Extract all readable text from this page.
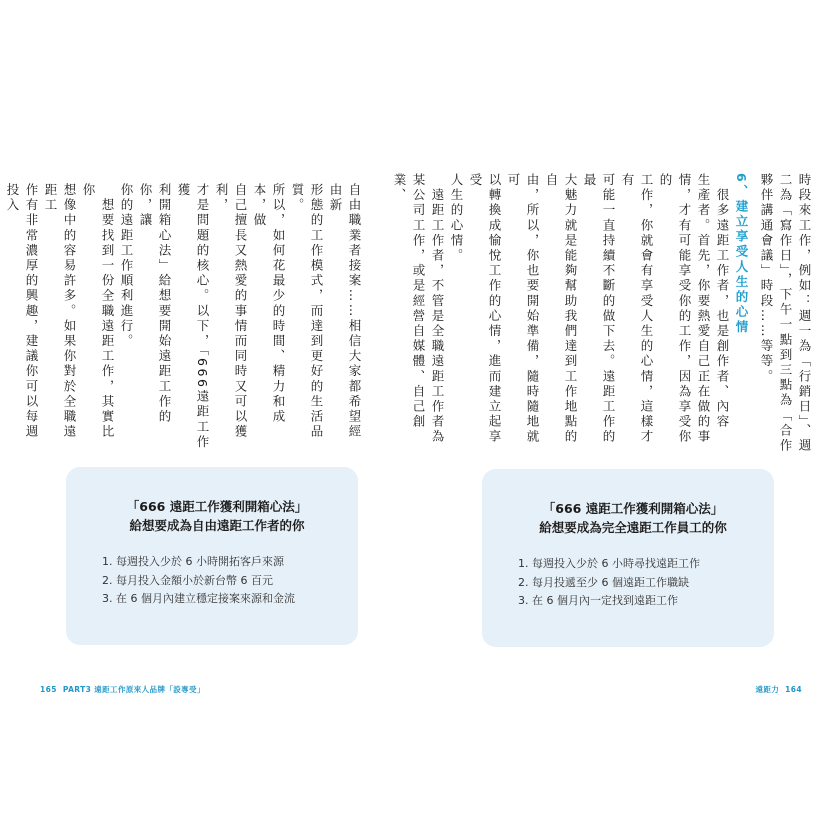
自由職業者接案……相信大家都希望經由新
形態的工作模式，而達到更好的生活品質。
所以，如何花最少的時間、精力和成本，做
自己擅長又熱愛的事情而同時又可以獲利，
才是問題的核心。以下，「666遠距工作獲
利開箱心法」給想要開始遠距工作的你，讓
你的遠距工作順利進行。
　想要找到一份全職遠距工作，其實比你
想像中的容易許多。如果你對於全職遠距工
作有非常濃厚的興趣，建議你可以每週投入
「666 遠距工作獲利開箱心法」
給想要成為自由遠距工作者的你
1. 每週投入少於 6 小時開拓客戶來源
2. 每月投入金額小於新台幣 6 百元
3. 在 6 個月內建立穩定接案來源和金流
165 PART3 遠距工作原來人品牌「設專受」
時段來工作，例如：週一為「行銷日」、週
二為「寫作日」，下午一點到三點為「合作
夥伴講通會議」時段……等等。
6、建立享受人生的心情
　很多遠距工作者，也是創作者、內容
生產者。首先，你要熱愛自己正在做的事
情，才有可能享受你的工作，因為享受你的
工作，你就會有享受人生的心情，這樣才有
可能一直持續不斷的做下去。遠距工作的最
大魅力就是能夠幫助我們達到工作地點的自
由，所以，你也要開始準備，隨時隨地就可
以轉換成愉悅工作的心情，進而建立起享受
人生的心情。
　遠距工作者，不管是全職遠距工作者為
某公司工作，或是經營自媒體、自己創業、
「666 遠距工作獲利開箱心法」
給想要成為完全遠距工作員工的你
1. 每週投入少於 6 小時尋找遠距工作
2. 每月投遞至少 6 個遠距工作職缺
3. 在 6 個月內一定找到遠距工作
遠距力 164
